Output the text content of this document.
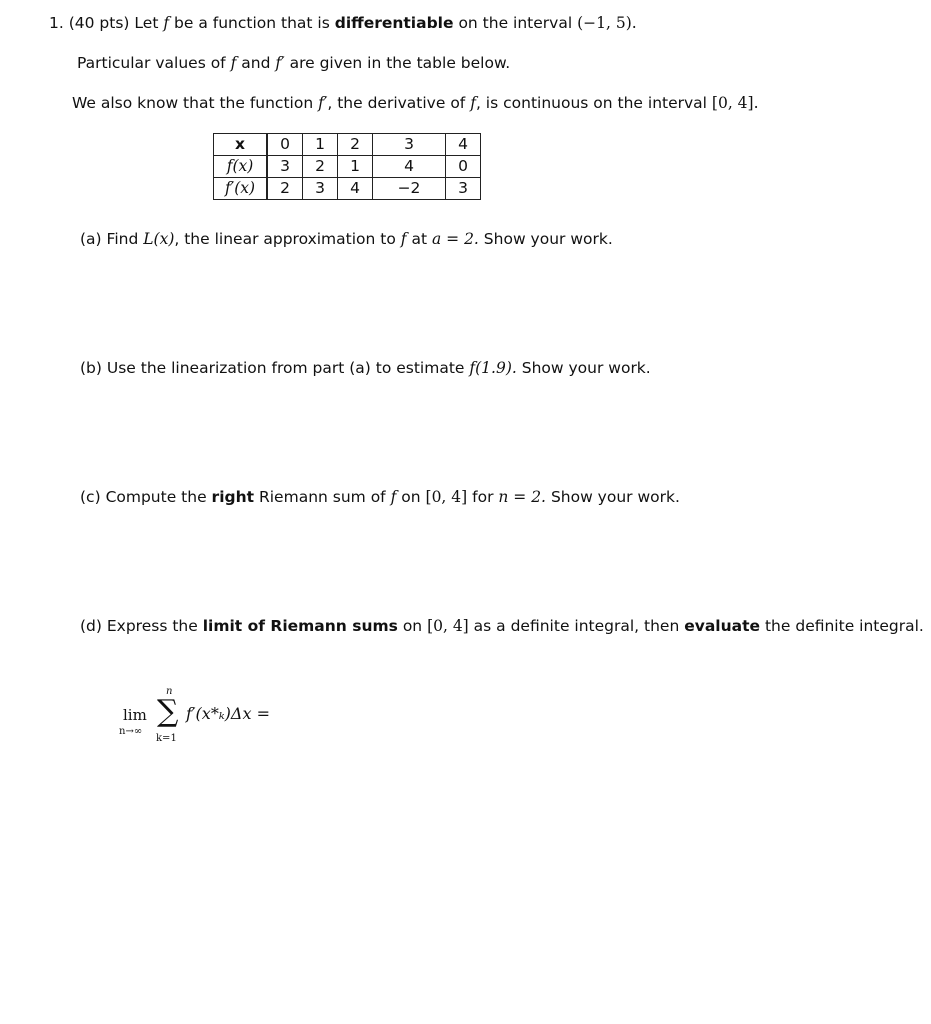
1. (40 pts) Let f be a function that is differentiable on the interval (−1, 5).
Particular values of f and f′ are given in the table below.
We also know that the function f′, the derivative of f, is continuous on the interval [0, 4].
x	0	1	2	3	4
f(x)	3	2	1	4	0
f′(x)	2	3	4	−2	3
(a) Find L(x), the linear approximation to f at a = 2. Show your work.
(b) Use the linearization from part (a) to estimate f(1.9). Show your work.
(c) Compute the right Riemann sum of f on [0, 4] for n = 2. Show your work.
(d) Express the limit of Riemann sums on [0, 4] as a definite integral, then evaluate the definite integral.
lim
n→∞
n
∑
k=1
f′(x*ₖ)Δx =
